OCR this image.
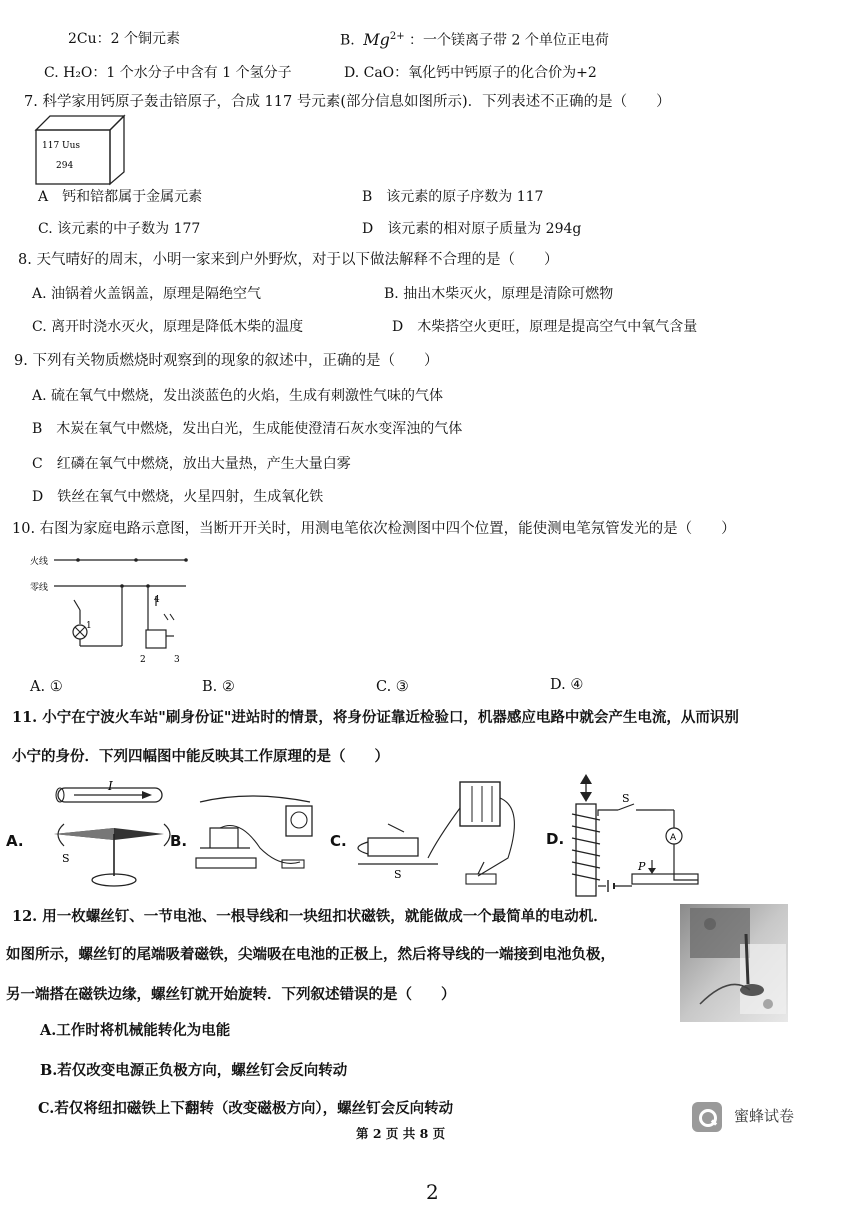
2Cu：2 个铜元素	B. $Mg^{2+}$ ：一个镁离子带 2 个单位正电荷
C. H₂O：1 个水分子中含有 1 个氢分子	D. CaO：氧化钙中钙原子的化合价为+2
7. 科学家用钙原子轰击锫原子，合成 117 号元素(部分信息如图所示)．下列表述不正确的是（　　）
117 Uus
294
A　钙和锫都属于金属元素	B　该元素的原子序数为 117
C. 该元素的中子数为 177	D　该元素的相对原子质量为 294g
8. 天气晴好的周末，小明一家来到户外野炊，对于以下做法解释不合理的是（　　）
A. 油锅着火盖锅盖，原理是隔绝空气	B. 抽出木柴灭火，原理是清除可燃物
C. 离开时浇水灭火，原理是降低木柴的温度	D　木柴搭空火更旺，原理是提高空气中氧气含量
9. 下列有关物质燃烧时观察到的现象的叙述中，正确的是（　　）
A. 硫在氧气中燃烧，发出淡蓝色的火焰，生成有刺激性气味的气体
B　木炭在氧气中燃烧，发出白光，生成能使澄清石灰水变浑浊的气体
C　红磷在氧气中燃烧，放出大量热，产生大量白雾
D　铁丝在氧气中燃烧，火星四射，生成氧化铁
10. 右图为家庭电路示意图，当断开开关时，用测电笔依次检测图中四个位置，能使测电笔氖管发光的是（　　）
火线
零线
4
1
2	3
A. ①	B. ②	C. ③	D. ④
11. 小宁在宁波火车站"刷身份证"进站时的情景，将身份证靠近检验口，机器感应电路中就会产生电流，从而识别
小宁的身份．下列四幅图中能反映其工作原理的是（　　）
I
S
A.	B.	C.
S
D.
S
A
P
12. 用一枚螺丝钉、一节电池、一根导线和一块纽扣状磁铁，就能做成一个最简单的电动机．
如图所示，螺丝钉的尾端吸着磁铁，尖端吸在电池的正极上，然后将导线的一端接到电池负极，
另一端搭在磁铁边缘，螺丝钉就开始旋转．下列叙述错误的是（　　）
A.工作时将机械能转化为电能
B.若仅改变电源正负极方向，螺丝钉会反向转动
C.若仅将纽扣磁铁上下翻转（改变磁极方向），螺丝钉会反向转动
第 2 页 共 8 页
蜜蜂试卷
2
